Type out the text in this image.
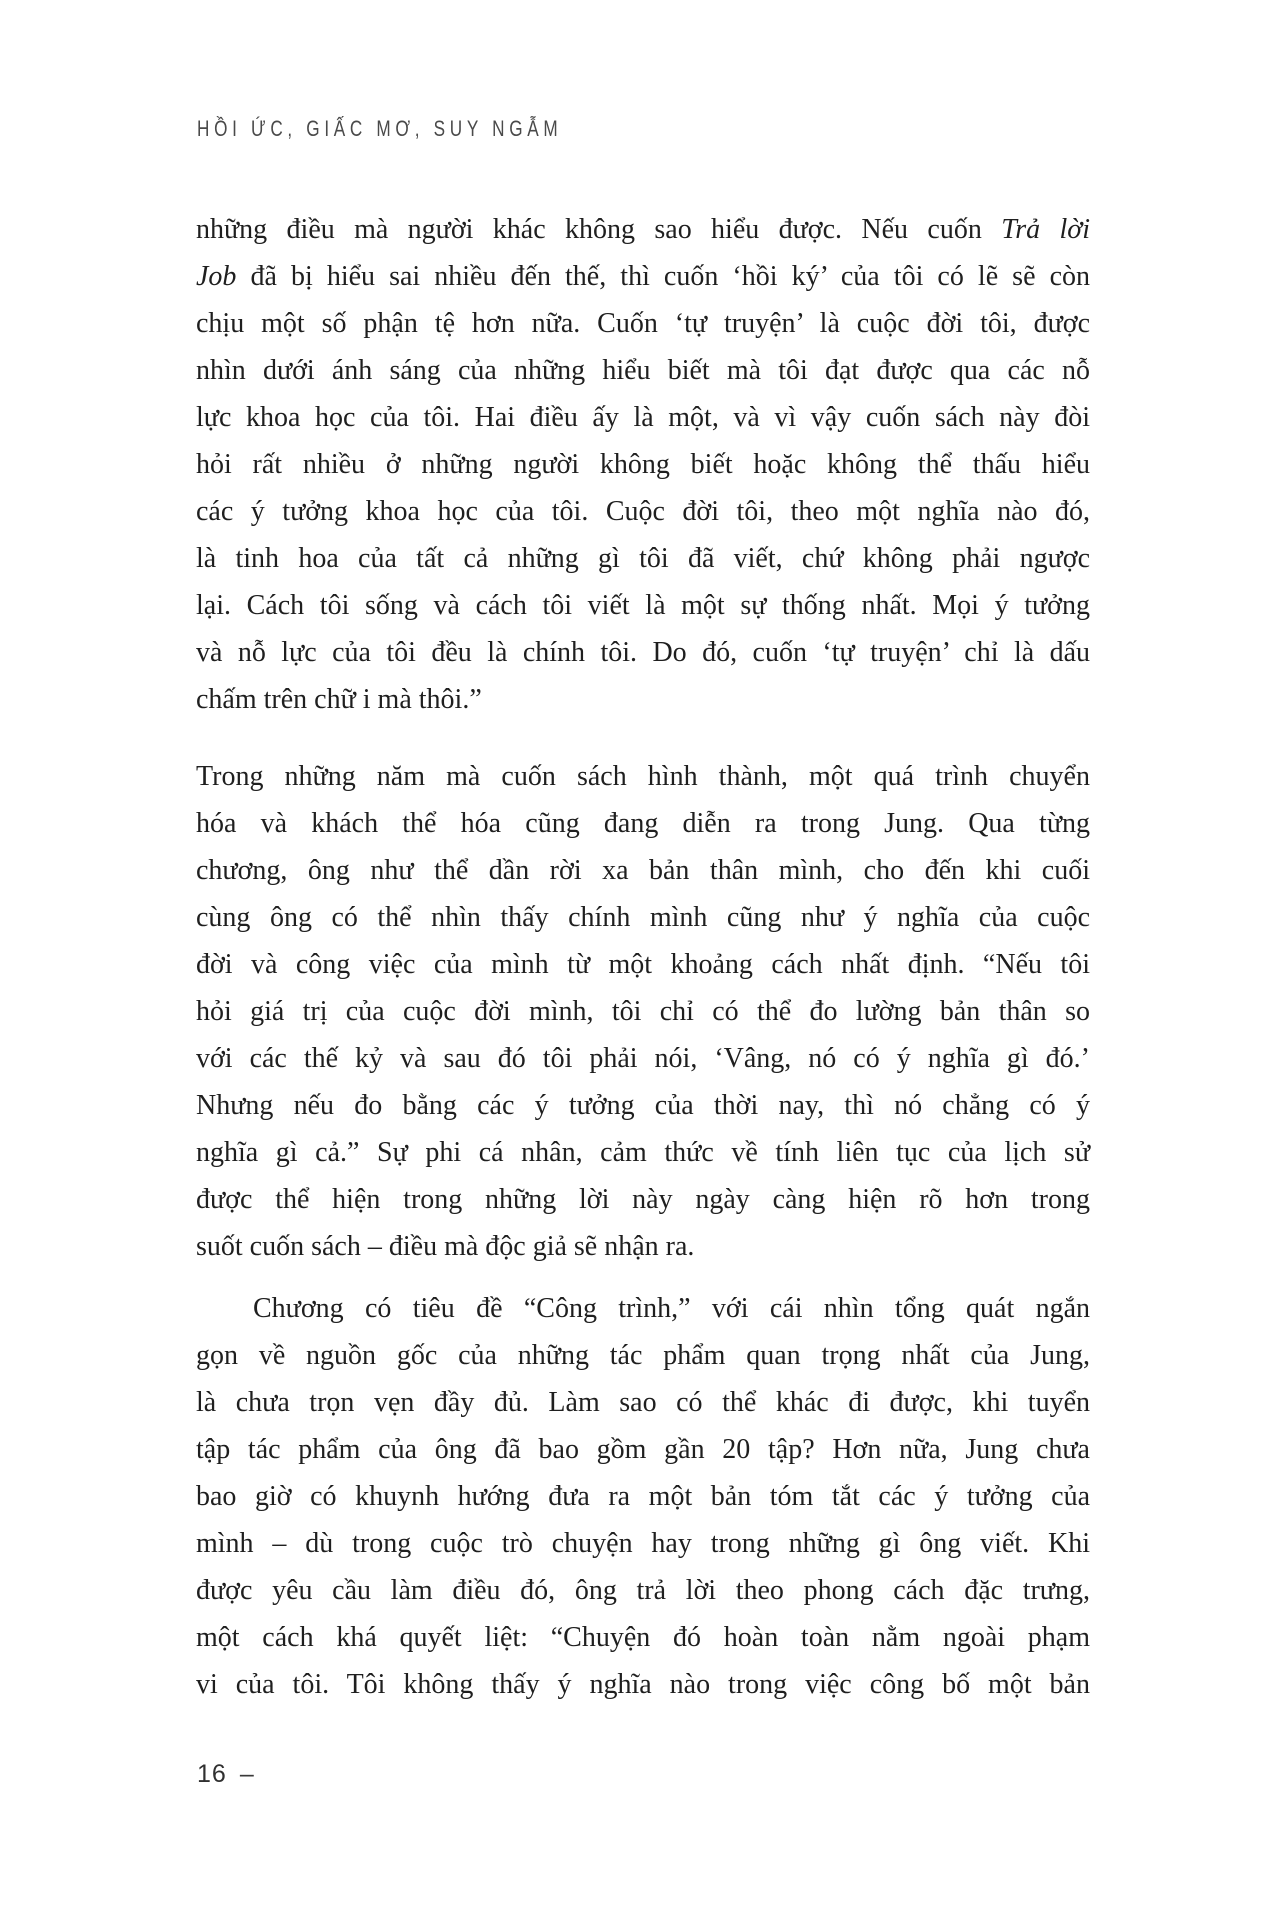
HỒI ỨC, GIẤC MƠ, SUY NGẪM
những điều mà người khác không sao hiểu được. Nếu cuốn Trả lời
Job đã bị hiểu sai nhiều đến thế, thì cuốn ‘hồi ký’ của tôi có lẽ sẽ còn
chịu một số phận tệ hơn nữa. Cuốn ‘tự truyện’ là cuộc đời tôi, được
nhìn dưới ánh sáng của những hiểu biết mà tôi đạt được qua các nỗ
lực khoa học của tôi. Hai điều ấy là một, và vì vậy cuốn sách này đòi
hỏi rất nhiều ở những người không biết hoặc không thể thấu hiểu
các ý tưởng khoa học của tôi. Cuộc đời tôi, theo một nghĩa nào đó,
là tinh hoa của tất cả những gì tôi đã viết, chứ không phải ngược
lại. Cách tôi sống và cách tôi viết là một sự thống nhất. Mọi ý tưởng
và nỗ lực của tôi đều là chính tôi. Do đó, cuốn ‘tự truyện’ chỉ là dấu
chấm trên chữ i mà thôi.”
Trong những năm mà cuốn sách hình thành, một quá trình chuyển
hóa và khách thể hóa cũng đang diễn ra trong Jung. Qua từng
chương, ông như thể dần rời xa bản thân mình, cho đến khi cuối
cùng ông có thể nhìn thấy chính mình cũng như ý nghĩa của cuộc
đời và công việc của mình từ một khoảng cách nhất định. “Nếu tôi
hỏi giá trị của cuộc đời mình, tôi chỉ có thể đo lường bản thân so
với các thế kỷ và sau đó tôi phải nói, ‘Vâng, nó có ý nghĩa gì đó.’
Nhưng nếu đo bằng các ý tưởng của thời nay, thì nó chẳng có ý
nghĩa gì cả.” Sự phi cá nhân, cảm thức về tính liên tục của lịch sử
được thể hiện trong những lời này ngày càng hiện rõ hơn trong
suốt cuốn sách – điều mà độc giả sẽ nhận ra.
Chương có tiêu đề “Công trình,” với cái nhìn tổng quát ngắn
gọn về nguồn gốc của những tác phẩm quan trọng nhất của Jung,
là chưa trọn vẹn đầy đủ. Làm sao có thể khác đi được, khi tuyển
tập tác phẩm của ông đã bao gồm gần 20 tập? Hơn nữa, Jung chưa
bao giờ có khuynh hướng đưa ra một bản tóm tắt các ý tưởng của
mình – dù trong cuộc trò chuyện hay trong những gì ông viết. Khi
được yêu cầu làm điều đó, ông trả lời theo phong cách đặc trưng,
một cách khá quyết liệt: “Chuyện đó hoàn toàn nằm ngoài phạm
vi của tôi. Tôi không thấy ý nghĩa nào trong việc công bố một bản
16 –
